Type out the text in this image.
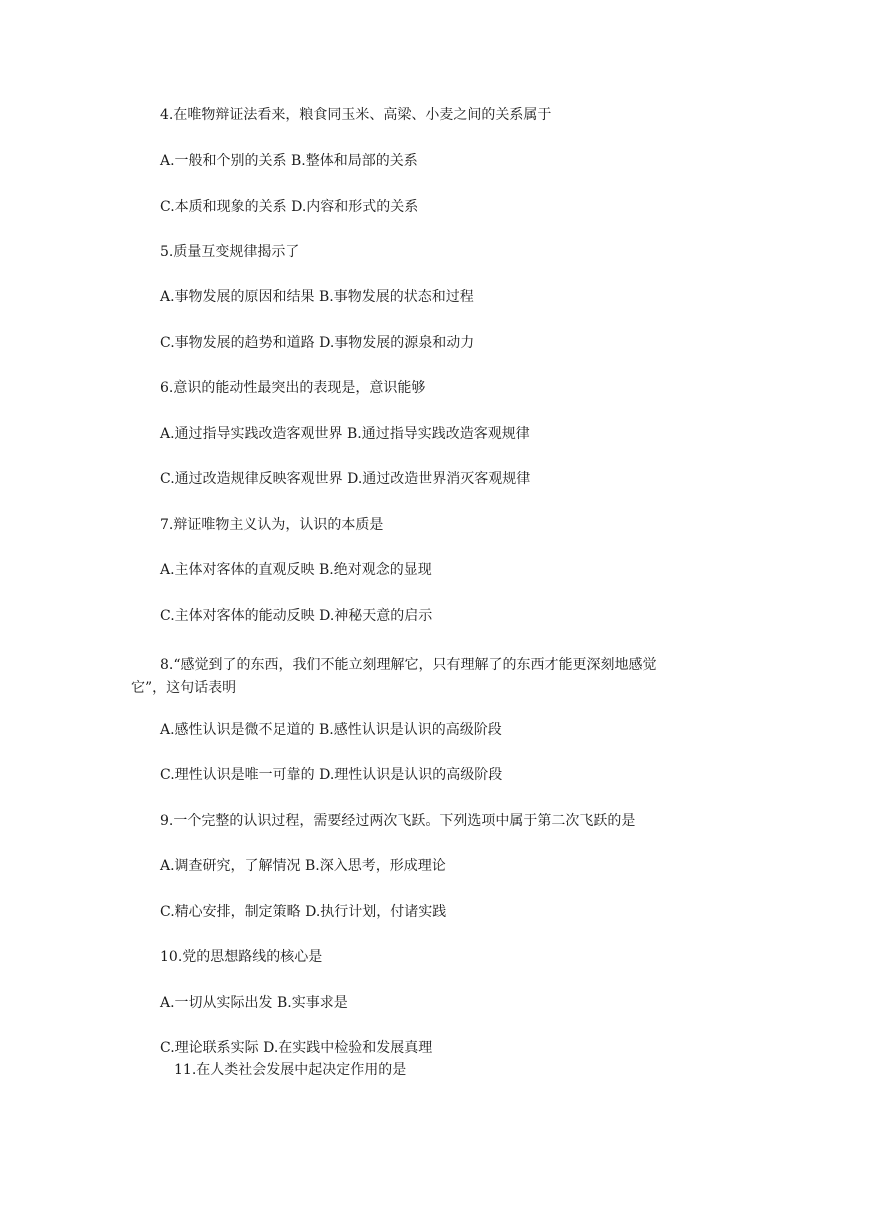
4.在唯物辩证法看来，粮食同玉米、高梁、小麦之间的关系属于

A.一般和个别的关系 B.整体和局部的关系

C.本质和现象的关系 D.内容和形式的关系

5.质量互变规律揭示了

A.事物发展的原因和结果 B.事物发展的状态和过程

C.事物发展的趋势和道路 D.事物发展的源泉和动力

6.意识的能动性最突出的表现是，意识能够

A.通过指导实践改造客观世界 B.通过指导实践改造客观规律

C.通过改造规律反映客观世界 D.通过改造世界消灭客观规律

7.辩证唯物主义认为，认识的本质是

A.主体对客体的直观反映 B.绝对观念的显现

C.主体对客体的能动反映 D.神秘天意的启示

8.“感觉到了的东西，我们不能立刻理解它，只有理解了的东西才能更深刻地感觉它”，这句话表明

A.感性认识是微不足道的 B.感性认识是认识的高级阶段

C.理性认识是唯一可靠的 D.理性认识是认识的高级阶段

9.一个完整的认识过程，需要经过两次飞跃。下列选项中属于第二次飞跃的是

A.调查研究，了解情况 B.深入思考，形成理论

C.精心安排，制定策略 D.执行计划，付诸实践

10.党的思想路线的核心是

A.一切从实际出发 B.实事求是

C.理论联系实际 D.在实践中检验和发展真理

11.在人类社会发展中起决定作用的是
